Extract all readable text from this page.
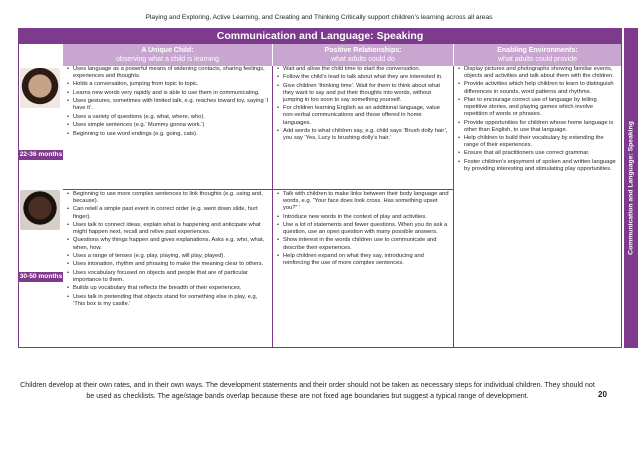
Playing and Exploring, Active Learning, and Creating and Thinking Critically support children’s learning across all areas
Communication and Language: Speaking
A Unique Child:
observing what a child is learning
Positive Relationships:
what adults could do
Enabling Environments:
what adults could provide
22-36 months
30-50 months
• Uses language as a powerful means of widening contacts, sharing feelings, experiences and thoughts.
• Holds a conversation, jumping from topic to topic.
• Learns new words very rapidly and is able to use them in communicating.
• Uses gestures, sometimes with limited talk, e.g. reaches toward toy, saying ‘I have it’.
• Uses a variety of questions (e.g. what, where, who).
• Uses simple sentences (e.g.’ Mummy gonna work.’)
• Beginning to use word endings (e.g. going, cats).
• Beginning to use more complex sentences to link thoughts (e.g. using and, because).
• Can retell a simple past event in correct order (e.g. went down slide, hurt finger).
• Uses talk to connect ideas, explain what is happening and anticipate what might happen next, recall and relive past experiences.
• Questions why things happen and gives explanations. Asks e.g. who, what, when, how.
• Uses a range of tenses (e.g. play, playing, will play, played).
• Uses intonation, rhythm and phrasing to make the meaning clear to others.
• Uses vocabulary focused on objects and people that are of particular importance to them.
• Builds up vocabulary that reflects the breadth of their experiences.
• Uses talk in pretending that objects stand for something else in play, e,g, ‘This box is my castle.’
• Wait and allow the child time to start the conversation.
• Follow the child’s lead to talk about what they are interested in.
• Give children ‘thinking time’. Wait for them to think about what they want to say and put their thoughts into words, without jumping in too soon to say something yourself.
• For children learning English as an additional language, value non-verbal communications and those offered in home languages.
• Add words to what children say, e.g. child says ‘Brush dolly hair’, you say ‘Yes, Lucy is brushing dolly’s hair.’
• Talk with children to make links between their body language and words, e.g. “Your face does look cross. Has something upset you?” ’
• Introduce new words in the context of play and activities.
• Use a lot of statements and fewer questions. When you do ask a question, use an open question with many possible answers.
• Show interest in the words children use to communicate and describe their experiences.
• Help children expand on what they say, introducing and reinforcing the use of more complex sentences.
• Display pictures and photographs showing familiar events, objects and activities and talk about them with the children.
• Provide activities which help children to learn to distinguish differences in sounds, word patterns and rhythms.
• Plan to encourage correct use of language by telling repetitive stories, and playing games which involve repetition of words or phrases.
• Provide opportunities for children whose home language is other than English, to use that language.
• Help children to build their vocabulary by extending the range of their experiences.
• Ensure that all practitioners use correct grammar.
• Foster children’s enjoyment of spoken and written language by providing interesting and stimulating play opportunities.	Communication and Language: Speaking
Children develop at their own rates, and in their own ways. The development statements and their order should not be taken as necessary steps for individual children. They should not be used as checklists. The age/stage bands overlap because these are not fixed age boundaries but suggest a typical range of development.	20
